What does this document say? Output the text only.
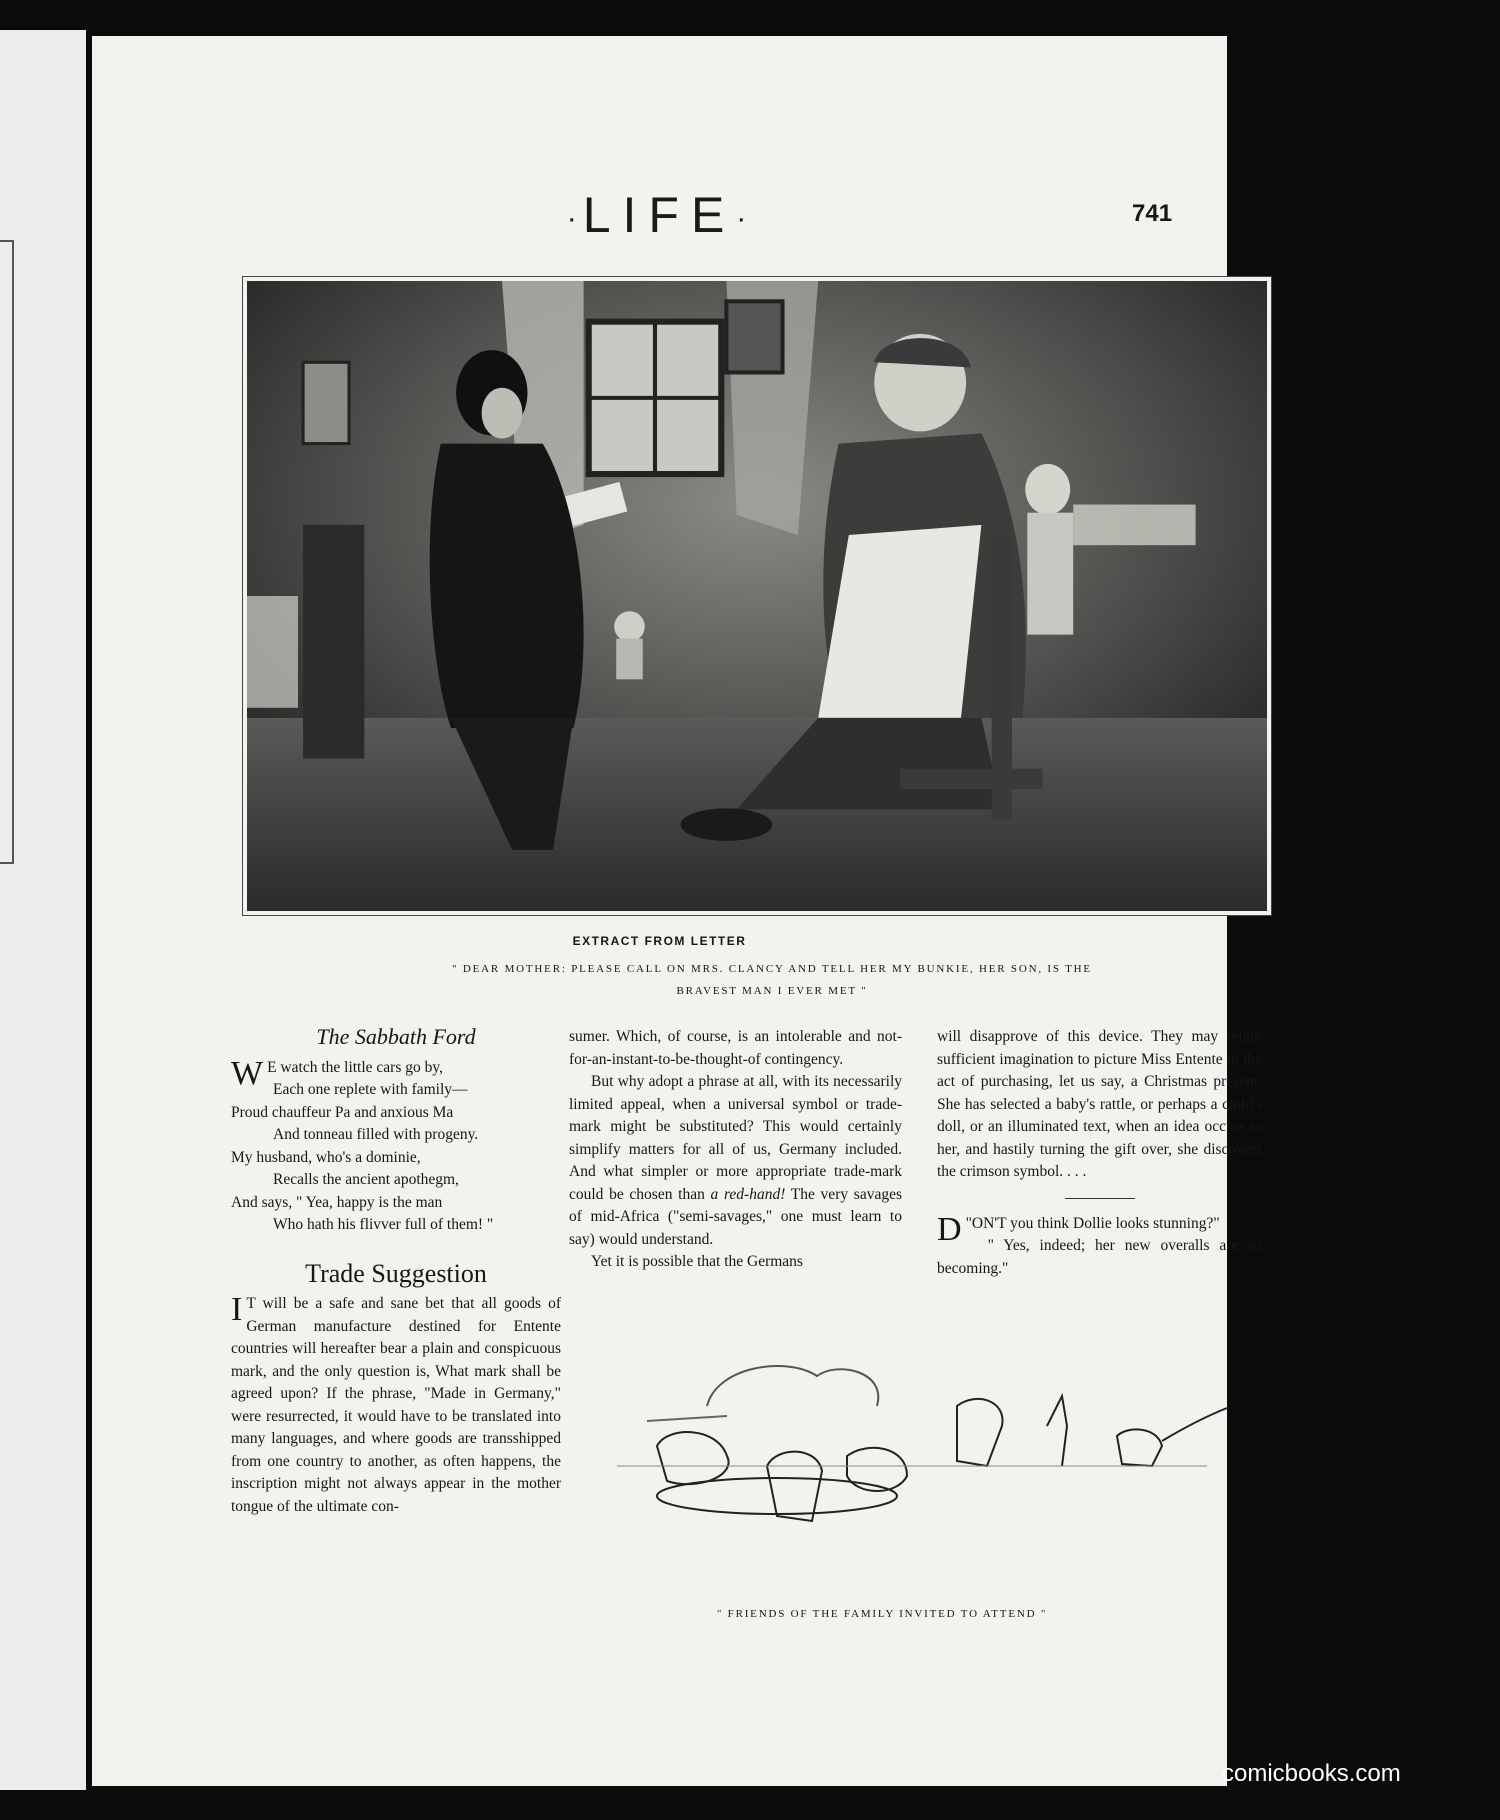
·LIFE·	741
EXTRACT FROM LETTER
" DEAR MOTHER: PLEASE CALL ON MRS. CLANCY AND TELL HER MY BUNKIE, HER SON, IS THE
BRAVEST MAN I EVER MET "
The Sabbath Ford
W E watch the little cars go by,
Each one replete with family—
Proud chauffeur Pa and anxious Ma
And tonneau filled with progeny.
My husband, who's a dominie,
Recalls the ancient apothegm,
And says, " Yea, happy is the man
Who hath his flivver full of them! "
Trade Suggestion

I T will be a safe and sane bet that all goods of German manufacture destined for Entente countries will hereafter bear a plain and conspicuous mark, and the only question is, What mark shall be agreed upon? If the phrase, "Made in Germany," were resurrected, it would have to be translated into many languages, and where goods are transshipped from one country to another, as often happens, the inscription might not always appear in the mother tongue of the ultimate con-

sumer. Which, of course, is an intolerable and not-for-an-instant-to-be-thought-of contingency.

But why adopt a phrase at all, with its necessarily limited appeal, when a universal symbol or trade-mark might be substituted? This would certainly simplify matters for all of us, Germany included. And what simpler or more appropriate trade-mark could be chosen than a red-hand! The very savages of mid-Africa ("semi-savages," one must learn to say) would understand.

Yet it is possible that the Germans

will disapprove of this device. They may retain sufficient imagination to picture Miss Entente in the act of purchasing, let us say, a Christmas present. She has selected a baby's rattle, or perhaps a child's doll, or an illuminated text, when an idea occurs to her, and hastily turning the gift over, she discovers the crimson symbol. . . .

"
D ON'T you think Dollie looks stunning?"

" Yes, indeed; her new overalls are so becoming."

" FRIENDS OF THE FAMILY INVITED TO ATTEND "
comicbooks.com
